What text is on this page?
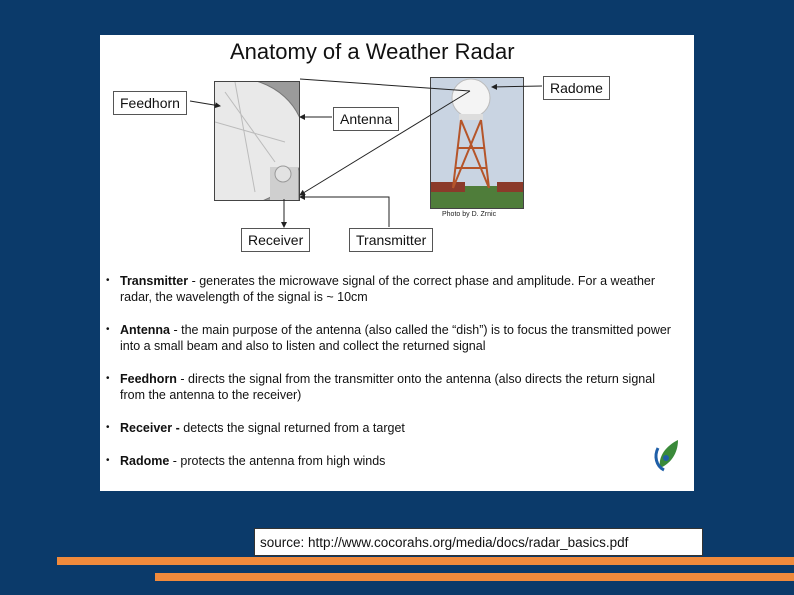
Anatomy of a Weather Radar
Photo by D. Zrnic
Feedhorn
Antenna
Radome
Receiver	Transmitter
• Transmitter - generates the microwave signal of the correct phase and amplitude. For a weather radar, the wavelength of the signal is ~ 10cm
• Antenna - the main purpose of the antenna (also called the “dish”) is to focus the transmitted power into a small beam and also to listen and collect the returned signal
• Feedhorn - directs the signal from the transmitter onto the antenna (also directs the return signal from the antenna to the receiver)
• Receiver - detects the signal returned from a target
• Radome - protects the antenna from high winds
source: http://www.cocorahs.org/media/docs/radar_basics.pdf
